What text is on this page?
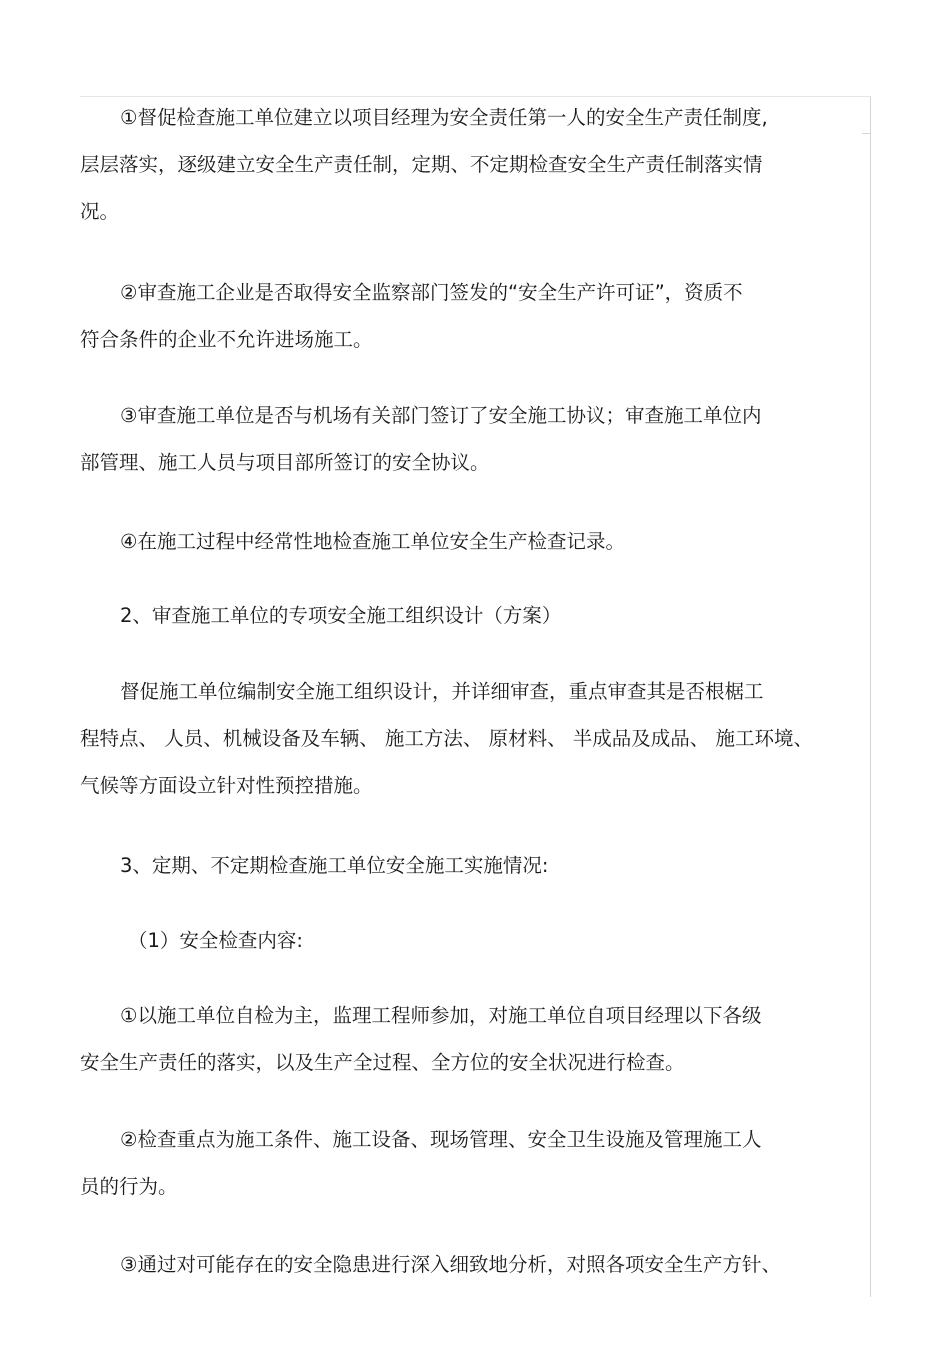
①督促检查施工单位建立以项目经理为安全责任第一人的安全生产责任制度,
层层落实，逐级建立安全生产责任制，定期、不定期检查安全生产责任制落实情
况。
②审查施工企业是否取得安全监察部门签发的“安全生产许可证”，资质不
符合条件的企业不允许进场施工。
③审查施工单位是否与机场有关部门签订了安全施工协议；审查施工单位内
部管理、施工人员与项目部所签订的安全协议。
④在施工过程中经常性地检查施工单位安全生产检查记录。
2、审查施工单位的专项安全施工组织设计（方案）
督促施工单位编制安全施工组织设计，并详细审查，重点审查其是否根椐工
程特点、 人员、机械设备及车辆、 施工方法、 原材料、 半成品及成品、 施工环境、
气候等方面设立针对性预控措施。
3、定期、不定期检查施工单位安全施工实施情况:
（1）安全检查内容:
①以施工单位自检为主，监理工程师参加，对施工单位自项目经理以下各级
安全生产责任的落实，以及生产全过程、全方位的安全状况进行检查。
②检查重点为施工条件、施工设备、现场管理、安全卫生设施及管理施工人
员的行为。
③通过对可能存在的安全隐患进行深入细致地分析，对照各项安全生产方针、
